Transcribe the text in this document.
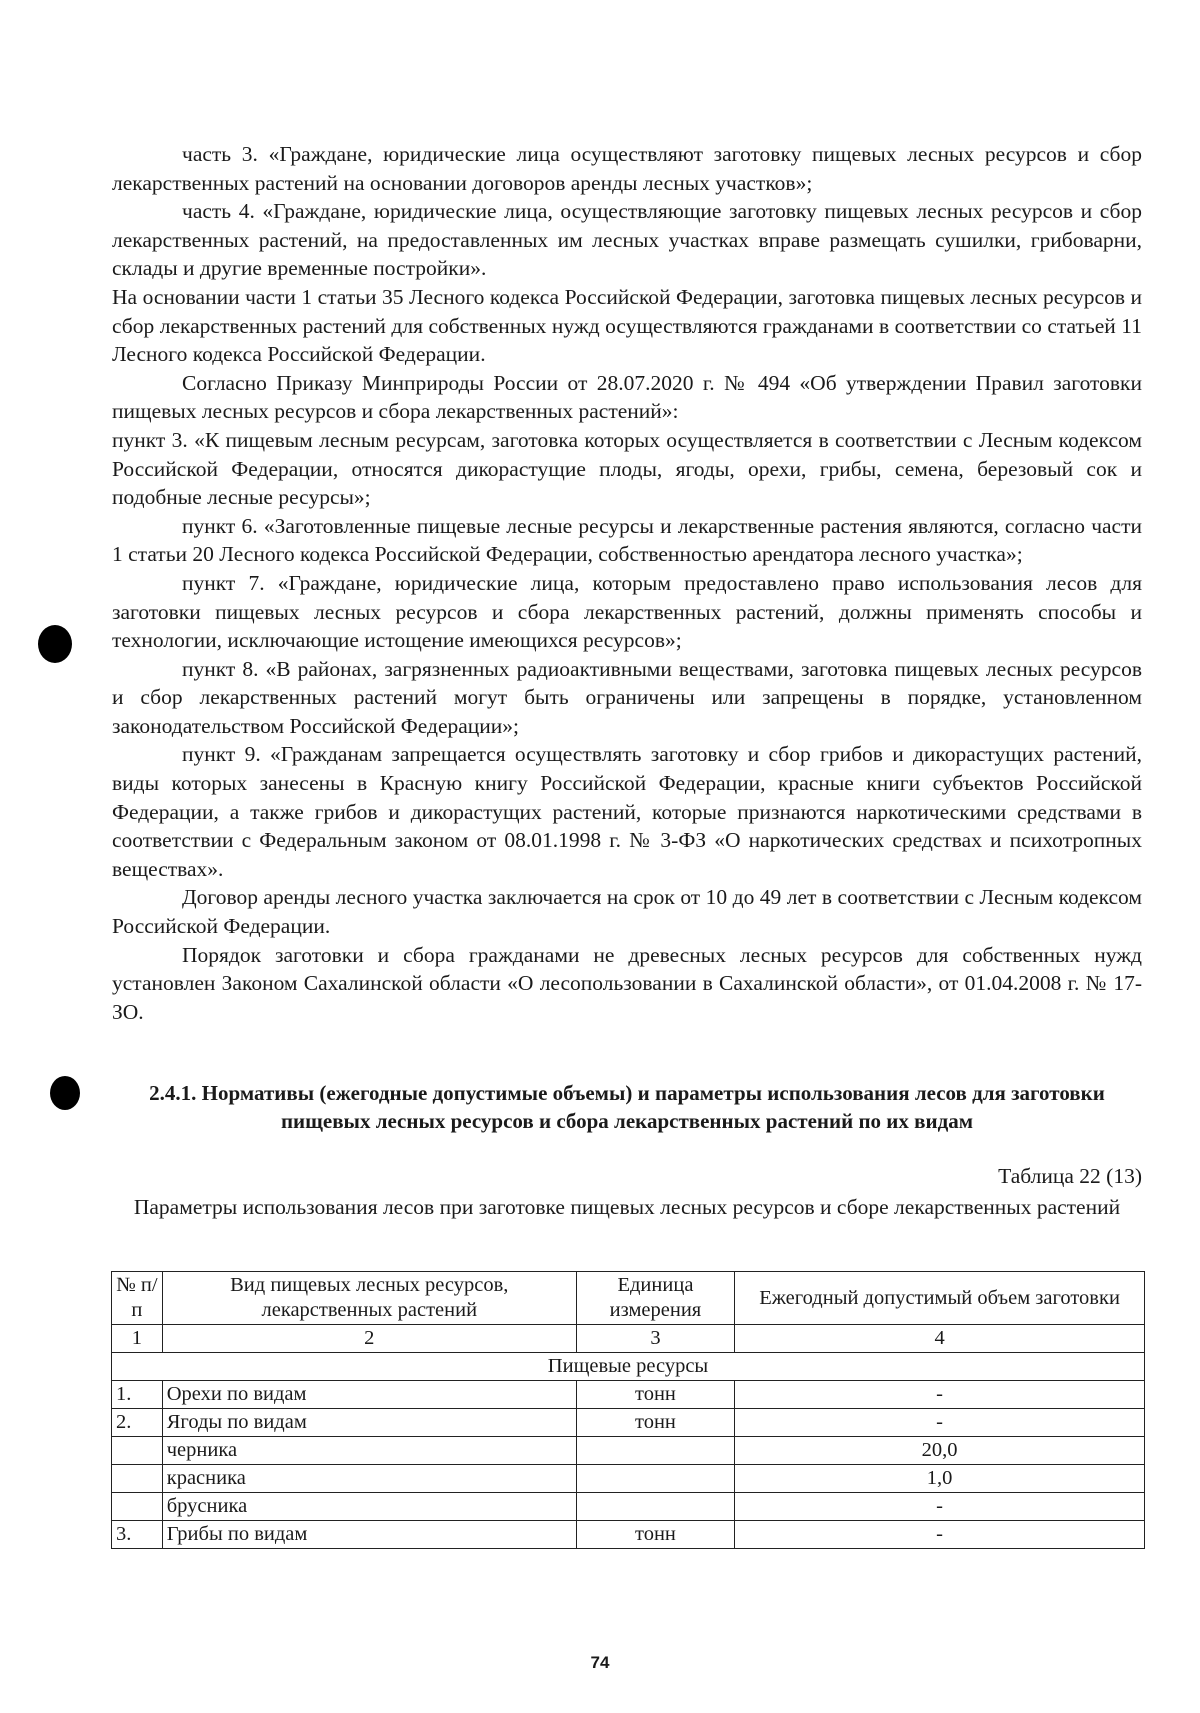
часть 3. «Граждане, юридические лица осуществляют заготовку пищевых лесных ресурсов и сбор лекарственных растений на основании договоров аренды лесных участков»;

часть 4. «Граждане, юридические лица, осуществляющие заготовку пищевых лесных ресурсов и сбор лекарственных растений, на предоставленных им лесных участках вправе размещать сушилки, грибоварни, склады и другие временные постройки».

На основании части 1 статьи 35 Лесного кодекса Российской Федерации, заготовка пищевых лесных ресурсов и сбор лекарственных растений для собственных нужд осуществляются гражданами в соответствии со статьей 11 Лесного кодекса Российской Федерации.

Согласно Приказу Минприроды России от 28.07.2020 г. № 494 «Об утверждении Правил заготовки пищевых лесных ресурсов и сбора лекарственных растений»:

пункт 3. «К пищевым лесным ресурсам, заготовка которых осуществляется в соответствии с Лесным кодексом Российской Федерации, относятся дикорастущие плоды, ягоды, орехи, грибы, семена, березовый сок и подобные лесные ресурсы»;

пункт 6. «Заготовленные пищевые лесные ресурсы и лекарственные растения являются, согласно части 1 статьи 20 Лесного кодекса Российской Федерации, собственностью арендатора лесного участка»;

пункт 7. «Граждане, юридические лица, которым предоставлено право использования лесов для заготовки пищевых лесных ресурсов и сбора лекарственных растений, должны применять способы и технологии, исключающие истощение имеющихся ресурсов»;

пункт 8. «В районах, загрязненных радиоактивными веществами, заготовка пищевых лесных ресурсов и сбор лекарственных растений могут быть ограничены или запрещены в порядке, установленном законодательством Российской Федерации»;

пункт 9. «Гражданам запрещается осуществлять заготовку и сбор грибов и дикорастущих растений, виды которых занесены в Красную книгу Российской Федерации, красные книги субъектов Российской Федерации, а также грибов и дикорастущих растений, которые признаются наркотическими средствами в соответствии с Федеральным законом от 08.01.1998 г. № 3-ФЗ «О наркотических средствах и психотропных веществах».

Договор аренды лесного участка заключается на срок от 10 до 49 лет в соответствии с Лесным кодексом Российской Федерации.

Порядок заготовки и сбора гражданами не древесных лесных ресурсов для собственных нужд установлен Законом Сахалинской области «О лесопользовании в Сахалинской области», от 01.04.2008 г. № 17-ЗО.

2.4.1. Нормативы (ежегодные допустимые объемы) и параметры использования лесов для заготовки пищевых лесных ресурсов и сбора лекарственных растений по их видам
Таблица 22 (13)
Параметры использования лесов при заготовке пищевых лесных ресурсов и сборе лекарственных растений
№ п/п	Вид пищевых лесных ресурсов, лекарственных растений	Единица измерения	Ежегодный допустимый объем заготовки
1	2	3	4
Пищевые ресурсы			
1.	Орехи по видам	тонн	-
2.	Ягоды по видам	тонн	-
	черника		20,0
	красника		1,0
	брусника		-
3.	Грибы по видам	тонн	-
74
